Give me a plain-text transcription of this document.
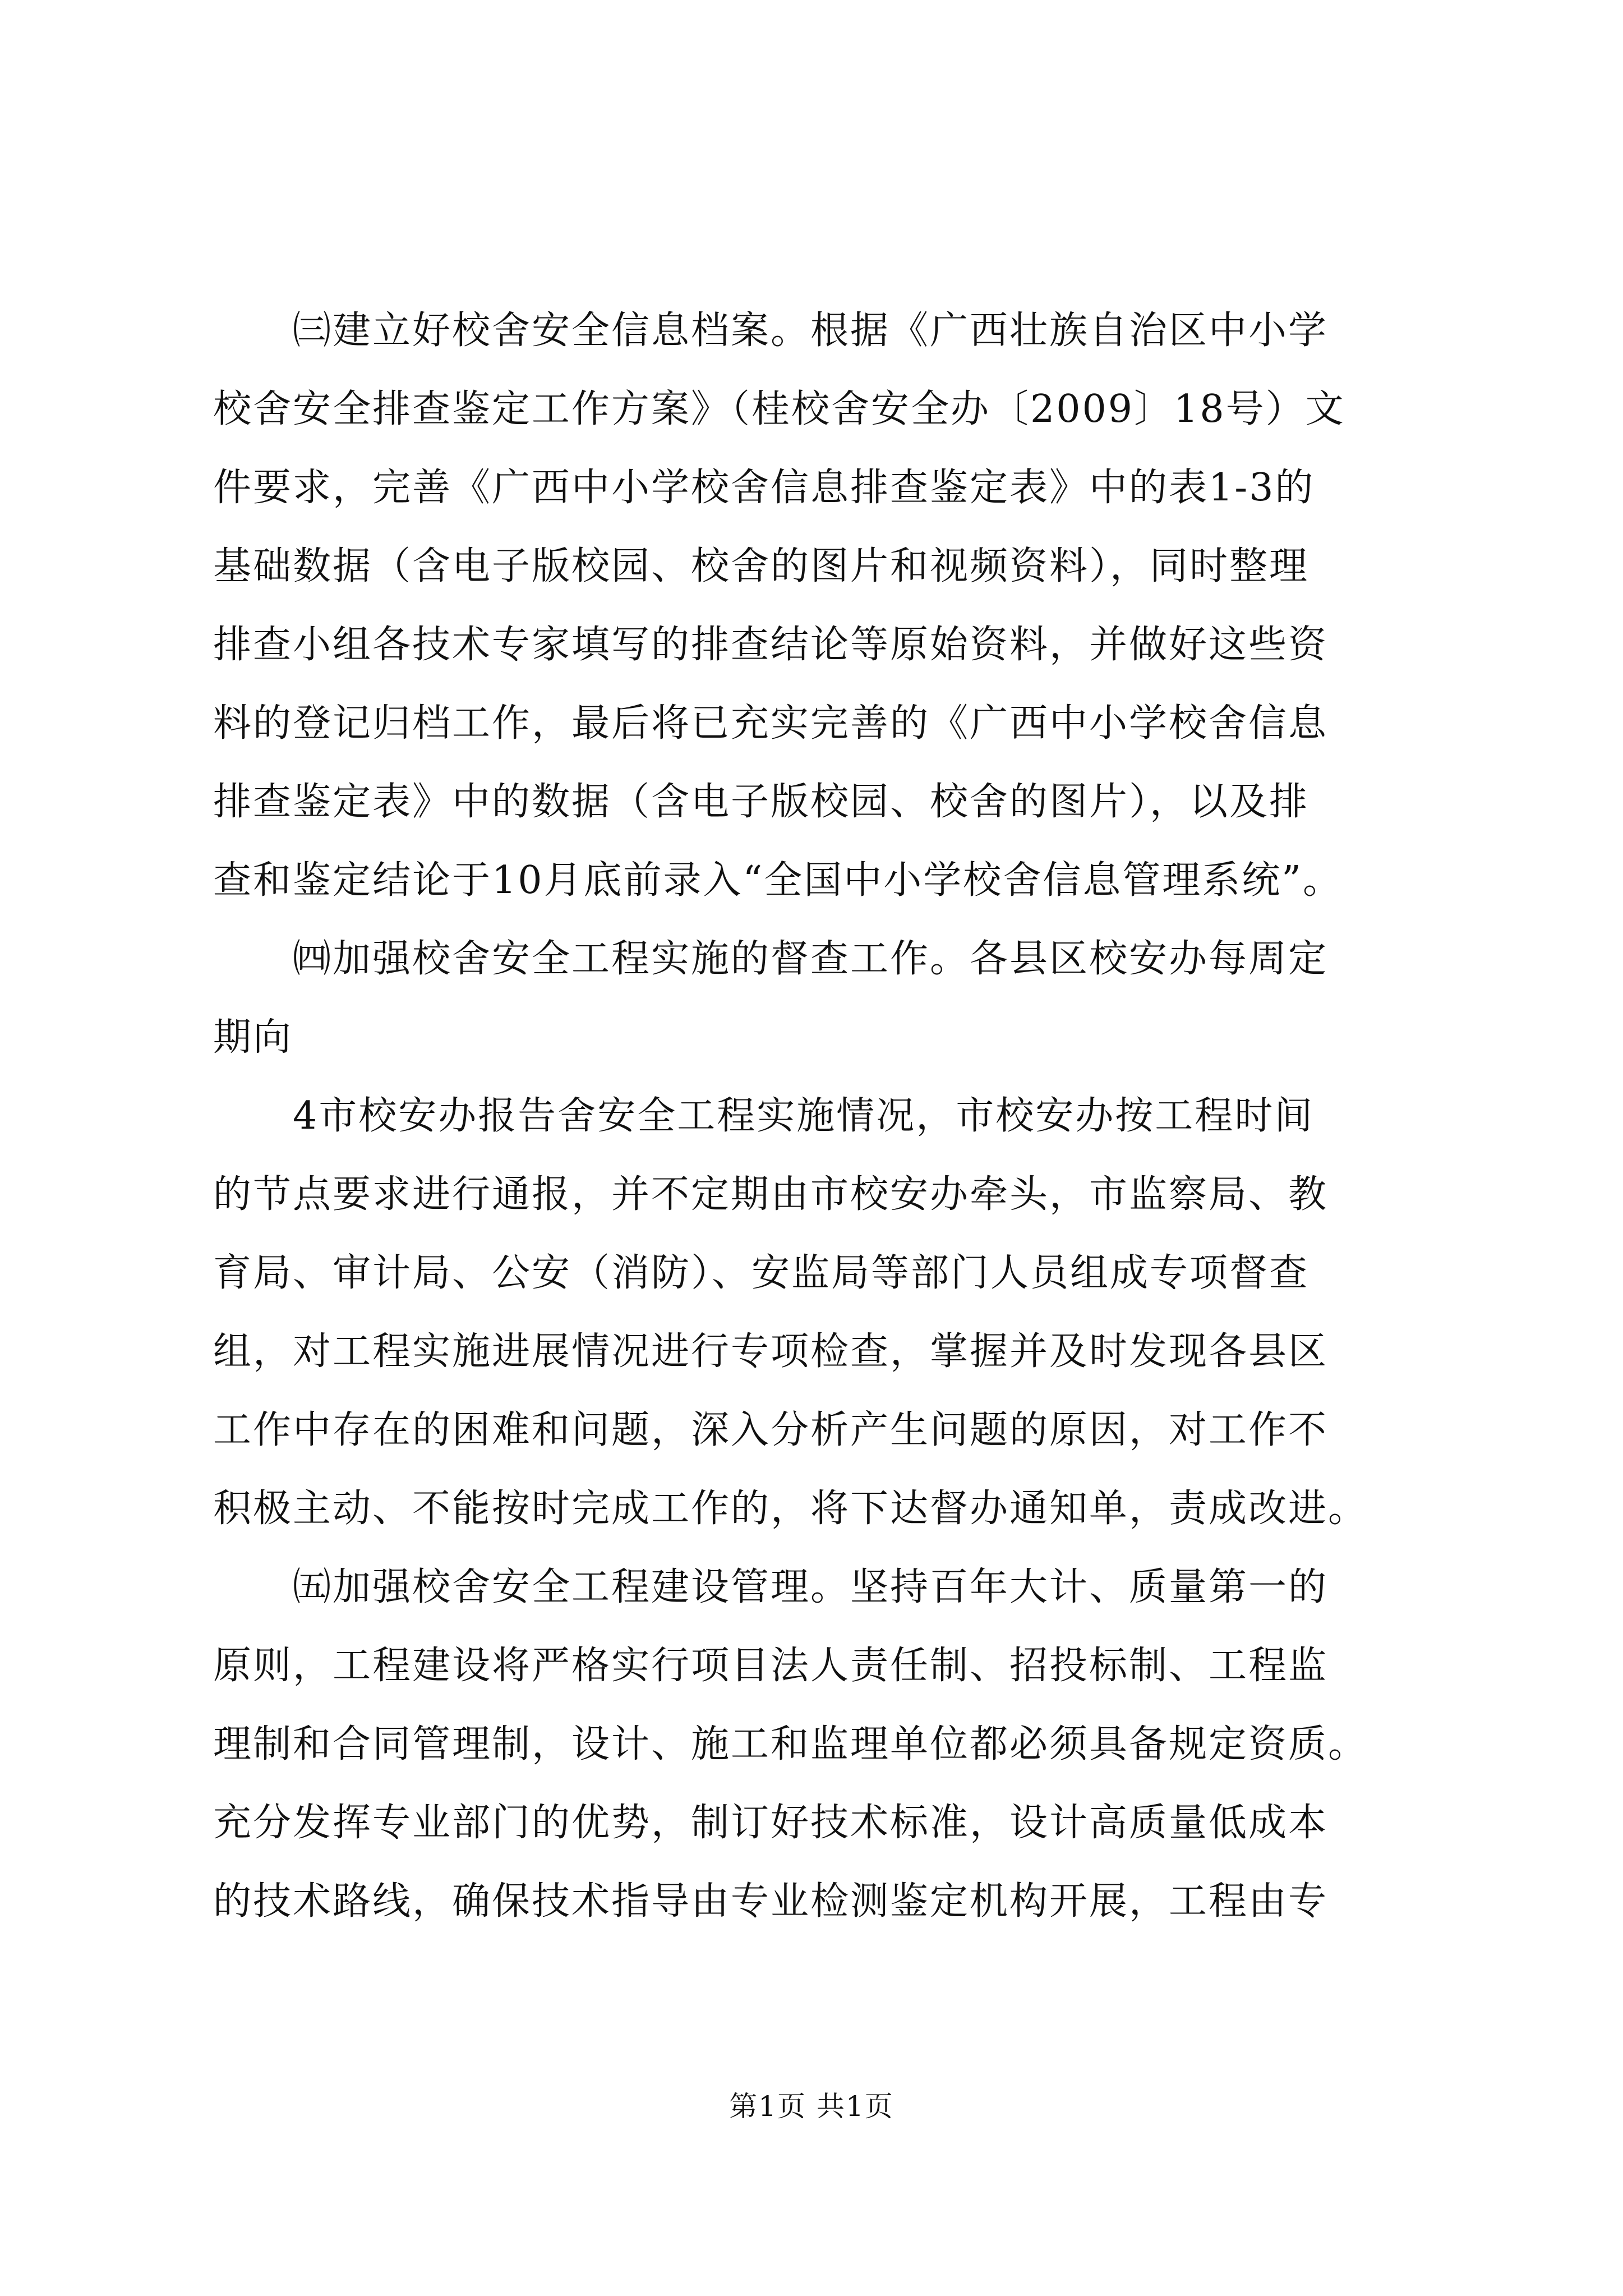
　　㈢建立好校舍安全信息档案。根据《广西壮族自治区中小学

校舍安全排查鉴定工作方案》（桂校舍安全办〔2009〕18号）文

件要求，完善《广西中小学校舍信息排查鉴定表》中的表1-3的

基础数据（含电子版校园、校舍的图片和视频资料），同时整理

排查小组各技术专家填写的排查结论等原始资料，并做好这些资

料的登记归档工作，最后将已充实完善的《广西中小学校舍信息

排查鉴定表》中的数据（含电子版校园、校舍的图片），以及排

查和鉴定结论于10月底前录入“全国中小学校舍信息管理系统”。

　　㈣加强校舍安全工程实施的督查工作。各县区校安办每周定

期向

　　4市校安办报告舍安全工程实施情况，市校安办按工程时间

的节点要求进行通报，并不定期由市校安办牵头，市监察局、教

育局、审计局、公安（消防）、安监局等部门人员组成专项督查

组，对工程实施进展情况进行专项检查，掌握并及时发现各县区

工作中存在的困难和问题，深入分析产生问题的原因，对工作不

积极主动、不能按时完成工作的，将下达督办通知单，责成改进。

　　㈤加强校舍安全工程建设管理。坚持百年大计、质量第一的

原则，工程建设将严格实行项目法人责任制、招投标制、工程监

理制和合同管理制，设计、施工和监理单位都必须具备规定资质。

充分发挥专业部门的优势，制订好技术标准，设计高质量低成本

的技术路线，确保技术指导由专业检测鉴定机构开展，工程由专

第1页 共1页
